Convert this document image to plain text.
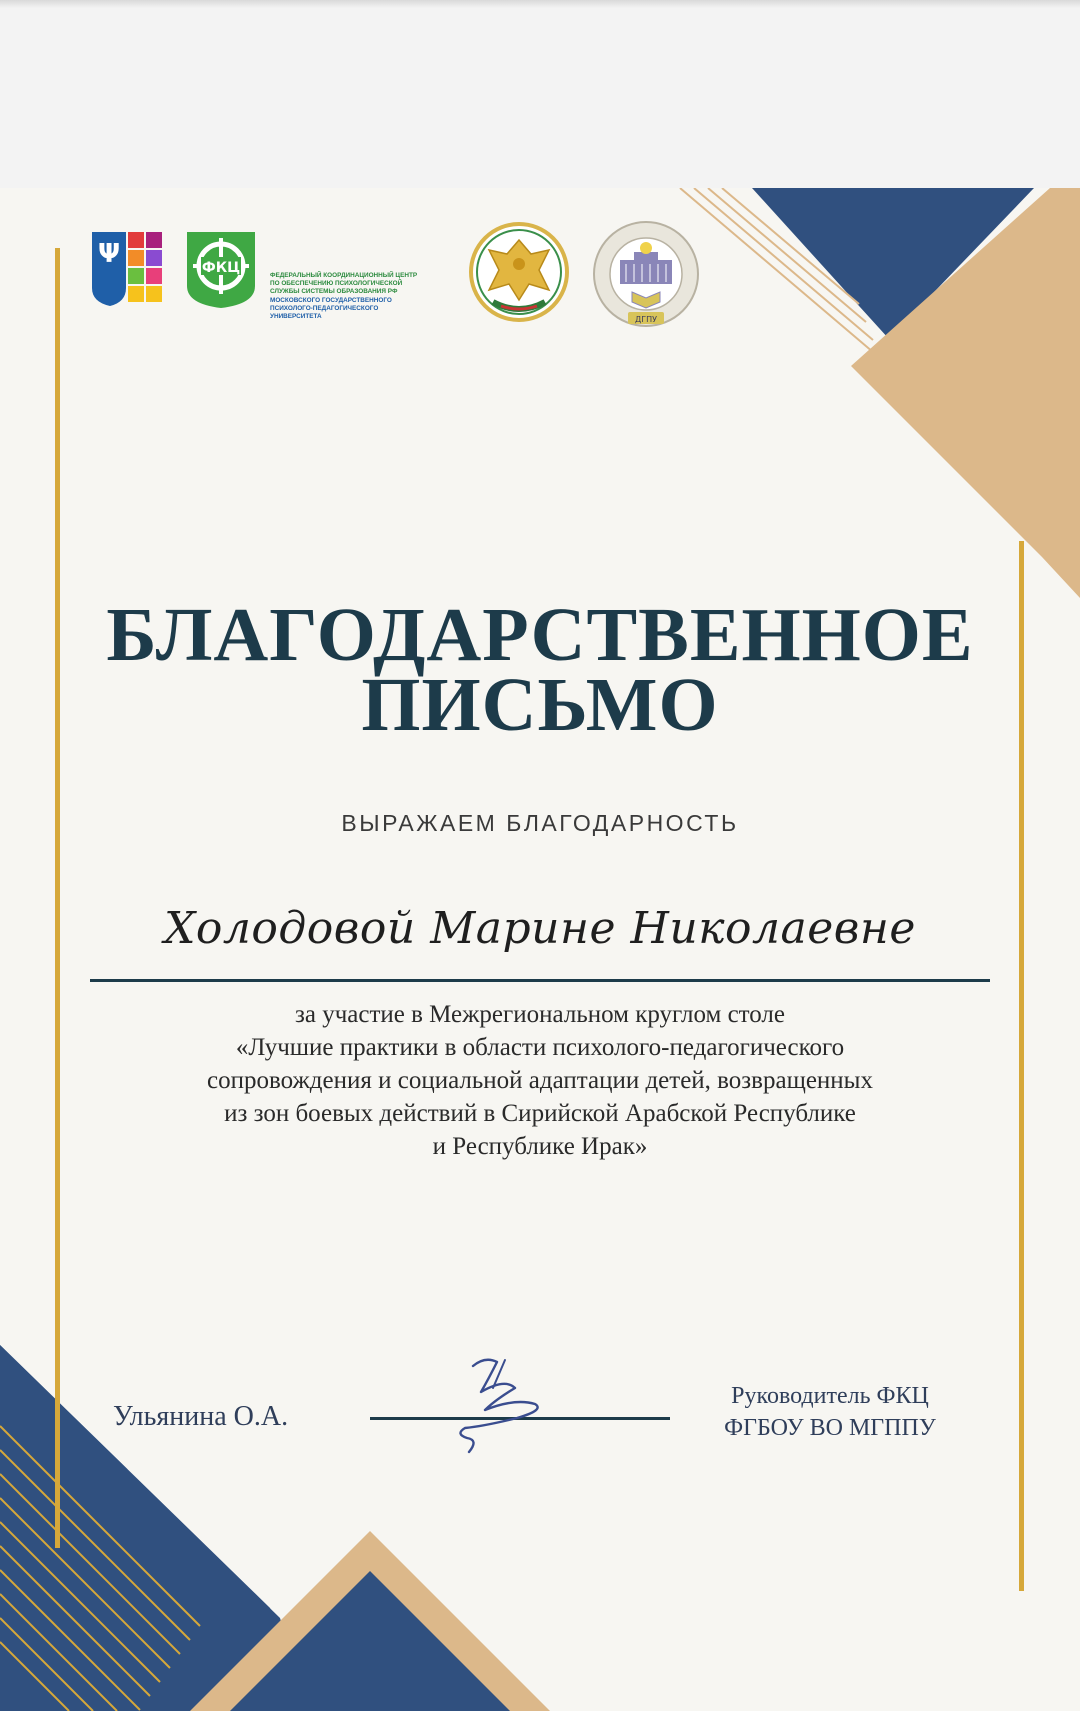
Ψ	ФКЦ	ФЕДЕРАЛЬНЫЙ КООРДИНАЦИОННЫЙ ЦЕНТР
ПО ОБЕСПЕЧЕНИЮ ПСИХОЛОГИЧЕСКОЙ
СЛУЖБЫ СИСТЕМЫ ОБРАЗОВАНИЯ РФ
МОСКОВСКОГО ГОСУДАРСТВЕННОГО
ПСИХОЛОГО-ПЕДАГОГИЧЕСКОГО
УНИВЕРСИТЕТА	ДГПУ
БЛАГОДАРСТВЕННОЕ
ПИСЬМО
ВЫРАЖАЕМ БЛАГОДАРНОСТЬ
Холодовой Марине Николаевне
за участие в Межрегиональном круглом столе
«Лучшие практики в области психолого-педагогического
сопровождения и социальной адаптации детей, возвращенных
из зон боевых действий в Сирийской Арабской Республике
и Республике Ирак»
Ульянина О.А.
Руководитель ФКЦ
ФГБОУ ВО МГППУ
